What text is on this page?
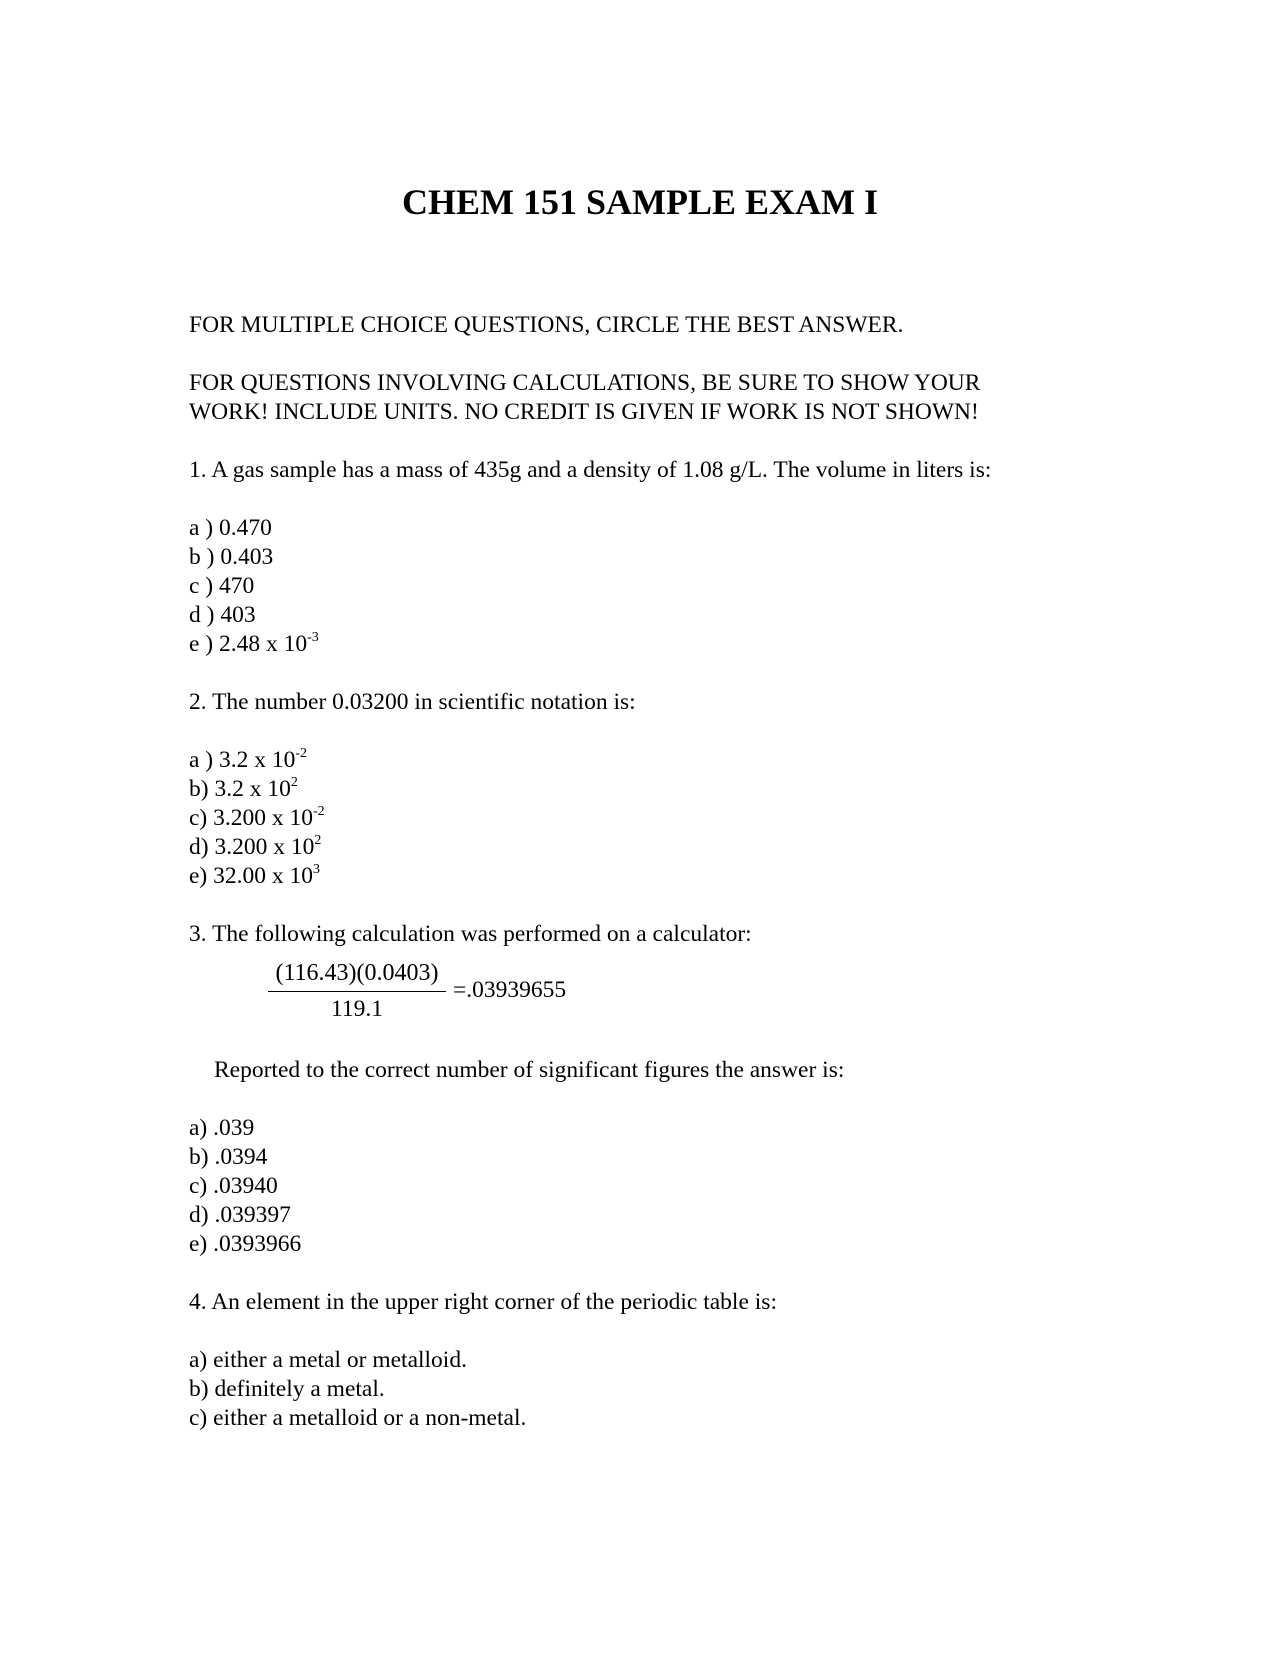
CHEM 151 SAMPLE EXAM I

FOR MULTIPLE CHOICE QUESTIONS, CIRCLE THE BEST ANSWER.

FOR QUESTIONS INVOLVING CALCULATIONS, BE SURE TO SHOW YOUR

WORK! INCLUDE UNITS. NO CREDIT IS GIVEN IF WORK IS NOT SHOWN!

1. A gas sample has a mass of 435g and a density of 1.08 g/L. The volume in liters is:

a ) 0.470

b ) 0.403

c ) 470

d ) 403

e ) 2.48 x $10^{-3}$

2. The number 0.03200 in scientific notation is:

a ) 3.2 x $10^{-2}$

b) 3.2 x $10^2$

c) 3.200 x $10^{-2}$

d) 3.200 x $10^2$

e) 32.00 x $10^3$

3. The following calculation was performed on a calculator:

$\frac{(116.43)(0.0403)}{119.1} =.03939655$

Reported to the correct number of significant figures the answer is:

a) .039

b) .0394

c) .03940

d) .039397

e) .0393966

4. An element in the upper right corner of the periodic table is:

a) either a metal or metalloid.

b) definitely a metal.

c) either a metalloid or a non-metal.
